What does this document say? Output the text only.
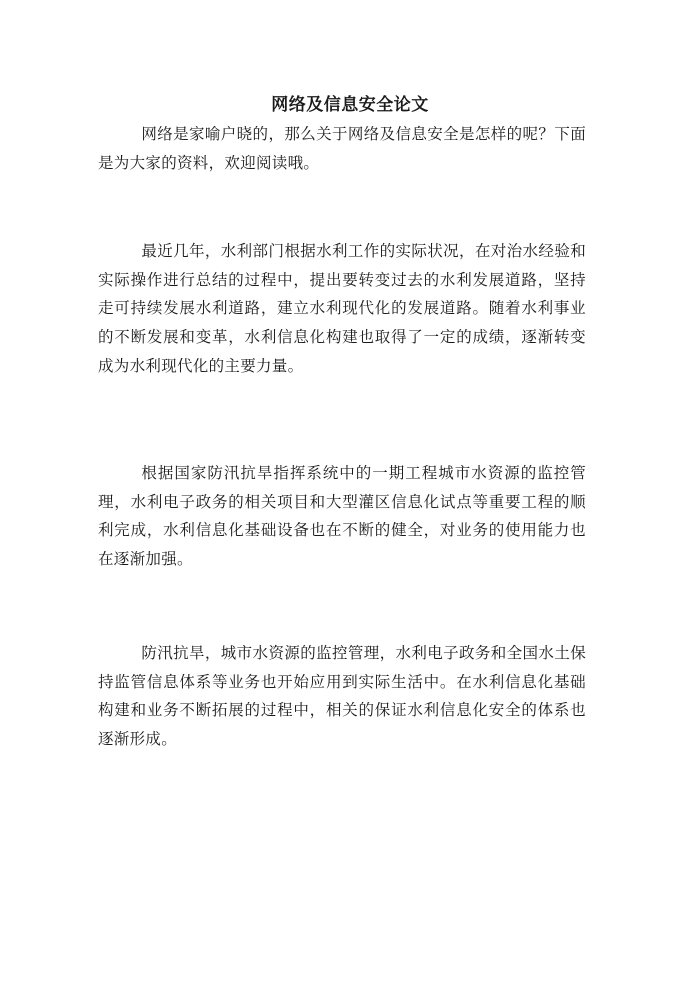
网络及信息安全论文

网络是家喻户晓的，那么关于网络及信息安全是怎样的呢？下面是为大家的资料，欢迎阅读哦。

最近几年，水利部门根据水利工作的实际状况，在对治水经验和实际操作进行总结的过程中，提出要转变过去的水利发展道路，坚持走可持续发展水利道路，建立水利现代化的发展道路。随着水利事业的不断发展和变革，水利信息化构建也取得了一定的成绩，逐渐转变成为水利现代化的主要力量。

根据国家防汛抗旱指挥系统中的一期工程城市水资源的监控管理，水利电子政务的相关项目和大型灌区信息化试点等重要工程的顺利完成，水利信息化基础设备也在不断的健全，对业务的使用能力也在逐渐加强。

防汛抗旱，城市水资源的监控管理，水利电子政务和全国水土保持监管信息体系等业务也开始应用到实际生活中。在水利信息化基础构建和业务不断拓展的过程中，相关的保证水利信息化安全的体系也逐渐形成。
